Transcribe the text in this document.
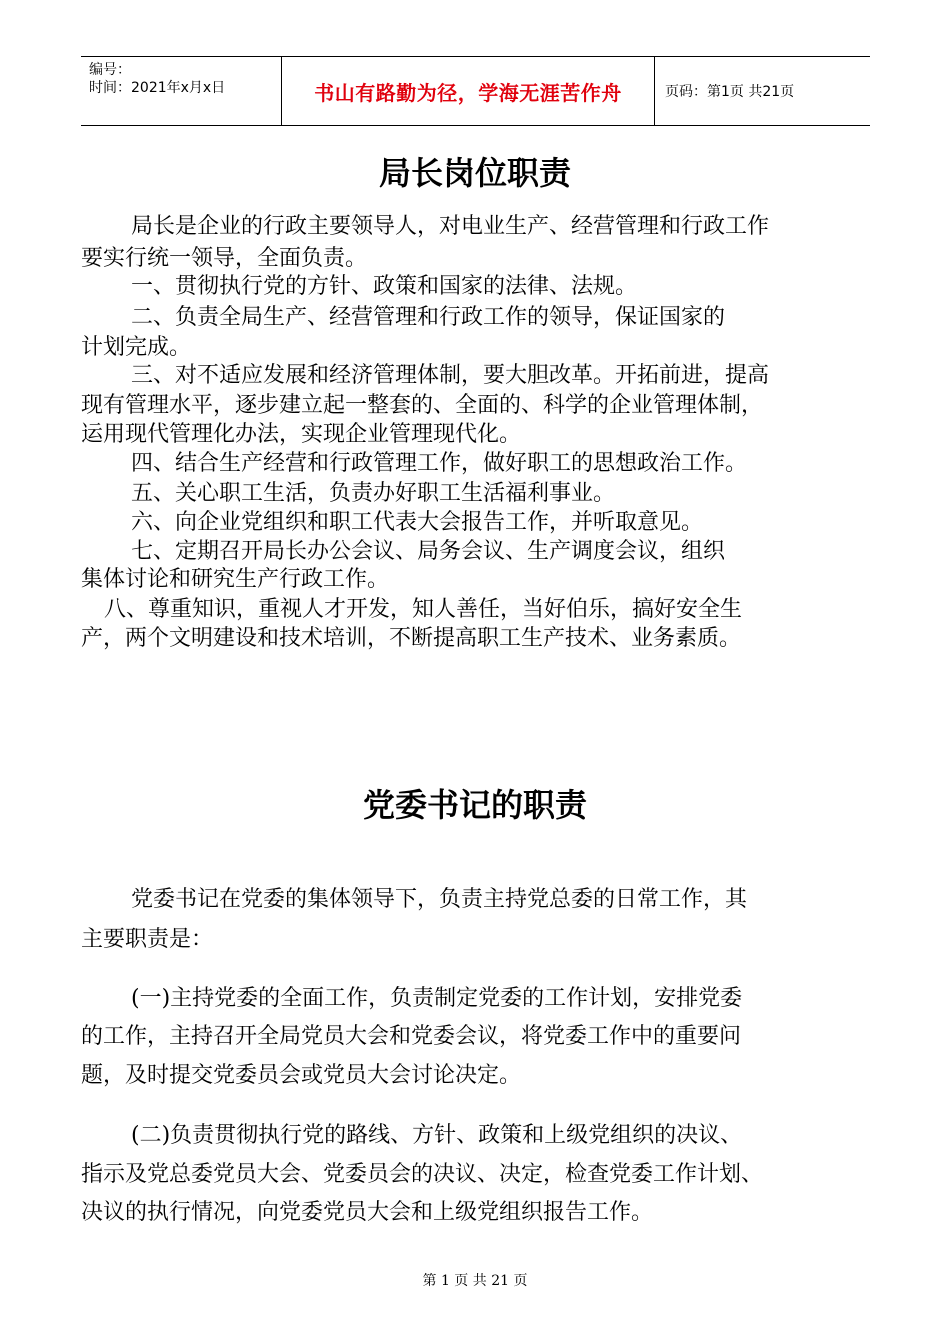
编号：
时间：2021年x月x日	书山有路勤为径，学海无涯苦作舟	页码：第1页 共21页
局长岗位职责

局长是企业的行政主要领导人，对电业生产、经营管理和行政工作

要实行统一领导，全面负责。

一、贯彻执行党的方针、政策和国家的法律、法规。

二、负责全局生产、经营管理和行政工作的领导，保证国家的

计划完成。

三、对不适应发展和经济管理体制，要大胆改革。开拓前进，提高

现有管理水平，逐步建立起一整套的、全面的、科学的企业管理体制，

运用现代管理化办法，实现企业管理现代化。

四、结合生产经营和行政管理工作，做好职工的思想政治工作。

五、关心职工生活，负责办好职工生活福利事业。

六、向企业党组织和职工代表大会报告工作，并听取意见。

七、定期召开局长办公会议、局务会议、生产调度会议，组织

集体讨论和研究生产行政工作。

八、尊重知识，重视人才开发，知人善任，当好伯乐，搞好安全生

产，两个文明建设和技术培训，不断提高职工生产技术、业务素质。

党委书记的职责

党委书记在党委的集体领导下，负责主持党总委的日常工作，其

主要职责是：

(一)主持党委的全面工作，负责制定党委的工作计划，安排党委

的工作，主持召开全局党员大会和党委会议，将党委工作中的重要问

题，及时提交党委员会或党员大会讨论决定。

(二)负责贯彻执行党的路线、方针、政策和上级党组织的决议、

指示及党总委党员大会、党委员会的决议、决定，检查党委工作计划、

决议的执行情况，向党委党员大会和上级党组织报告工作。

第 1 页 共 21 页
